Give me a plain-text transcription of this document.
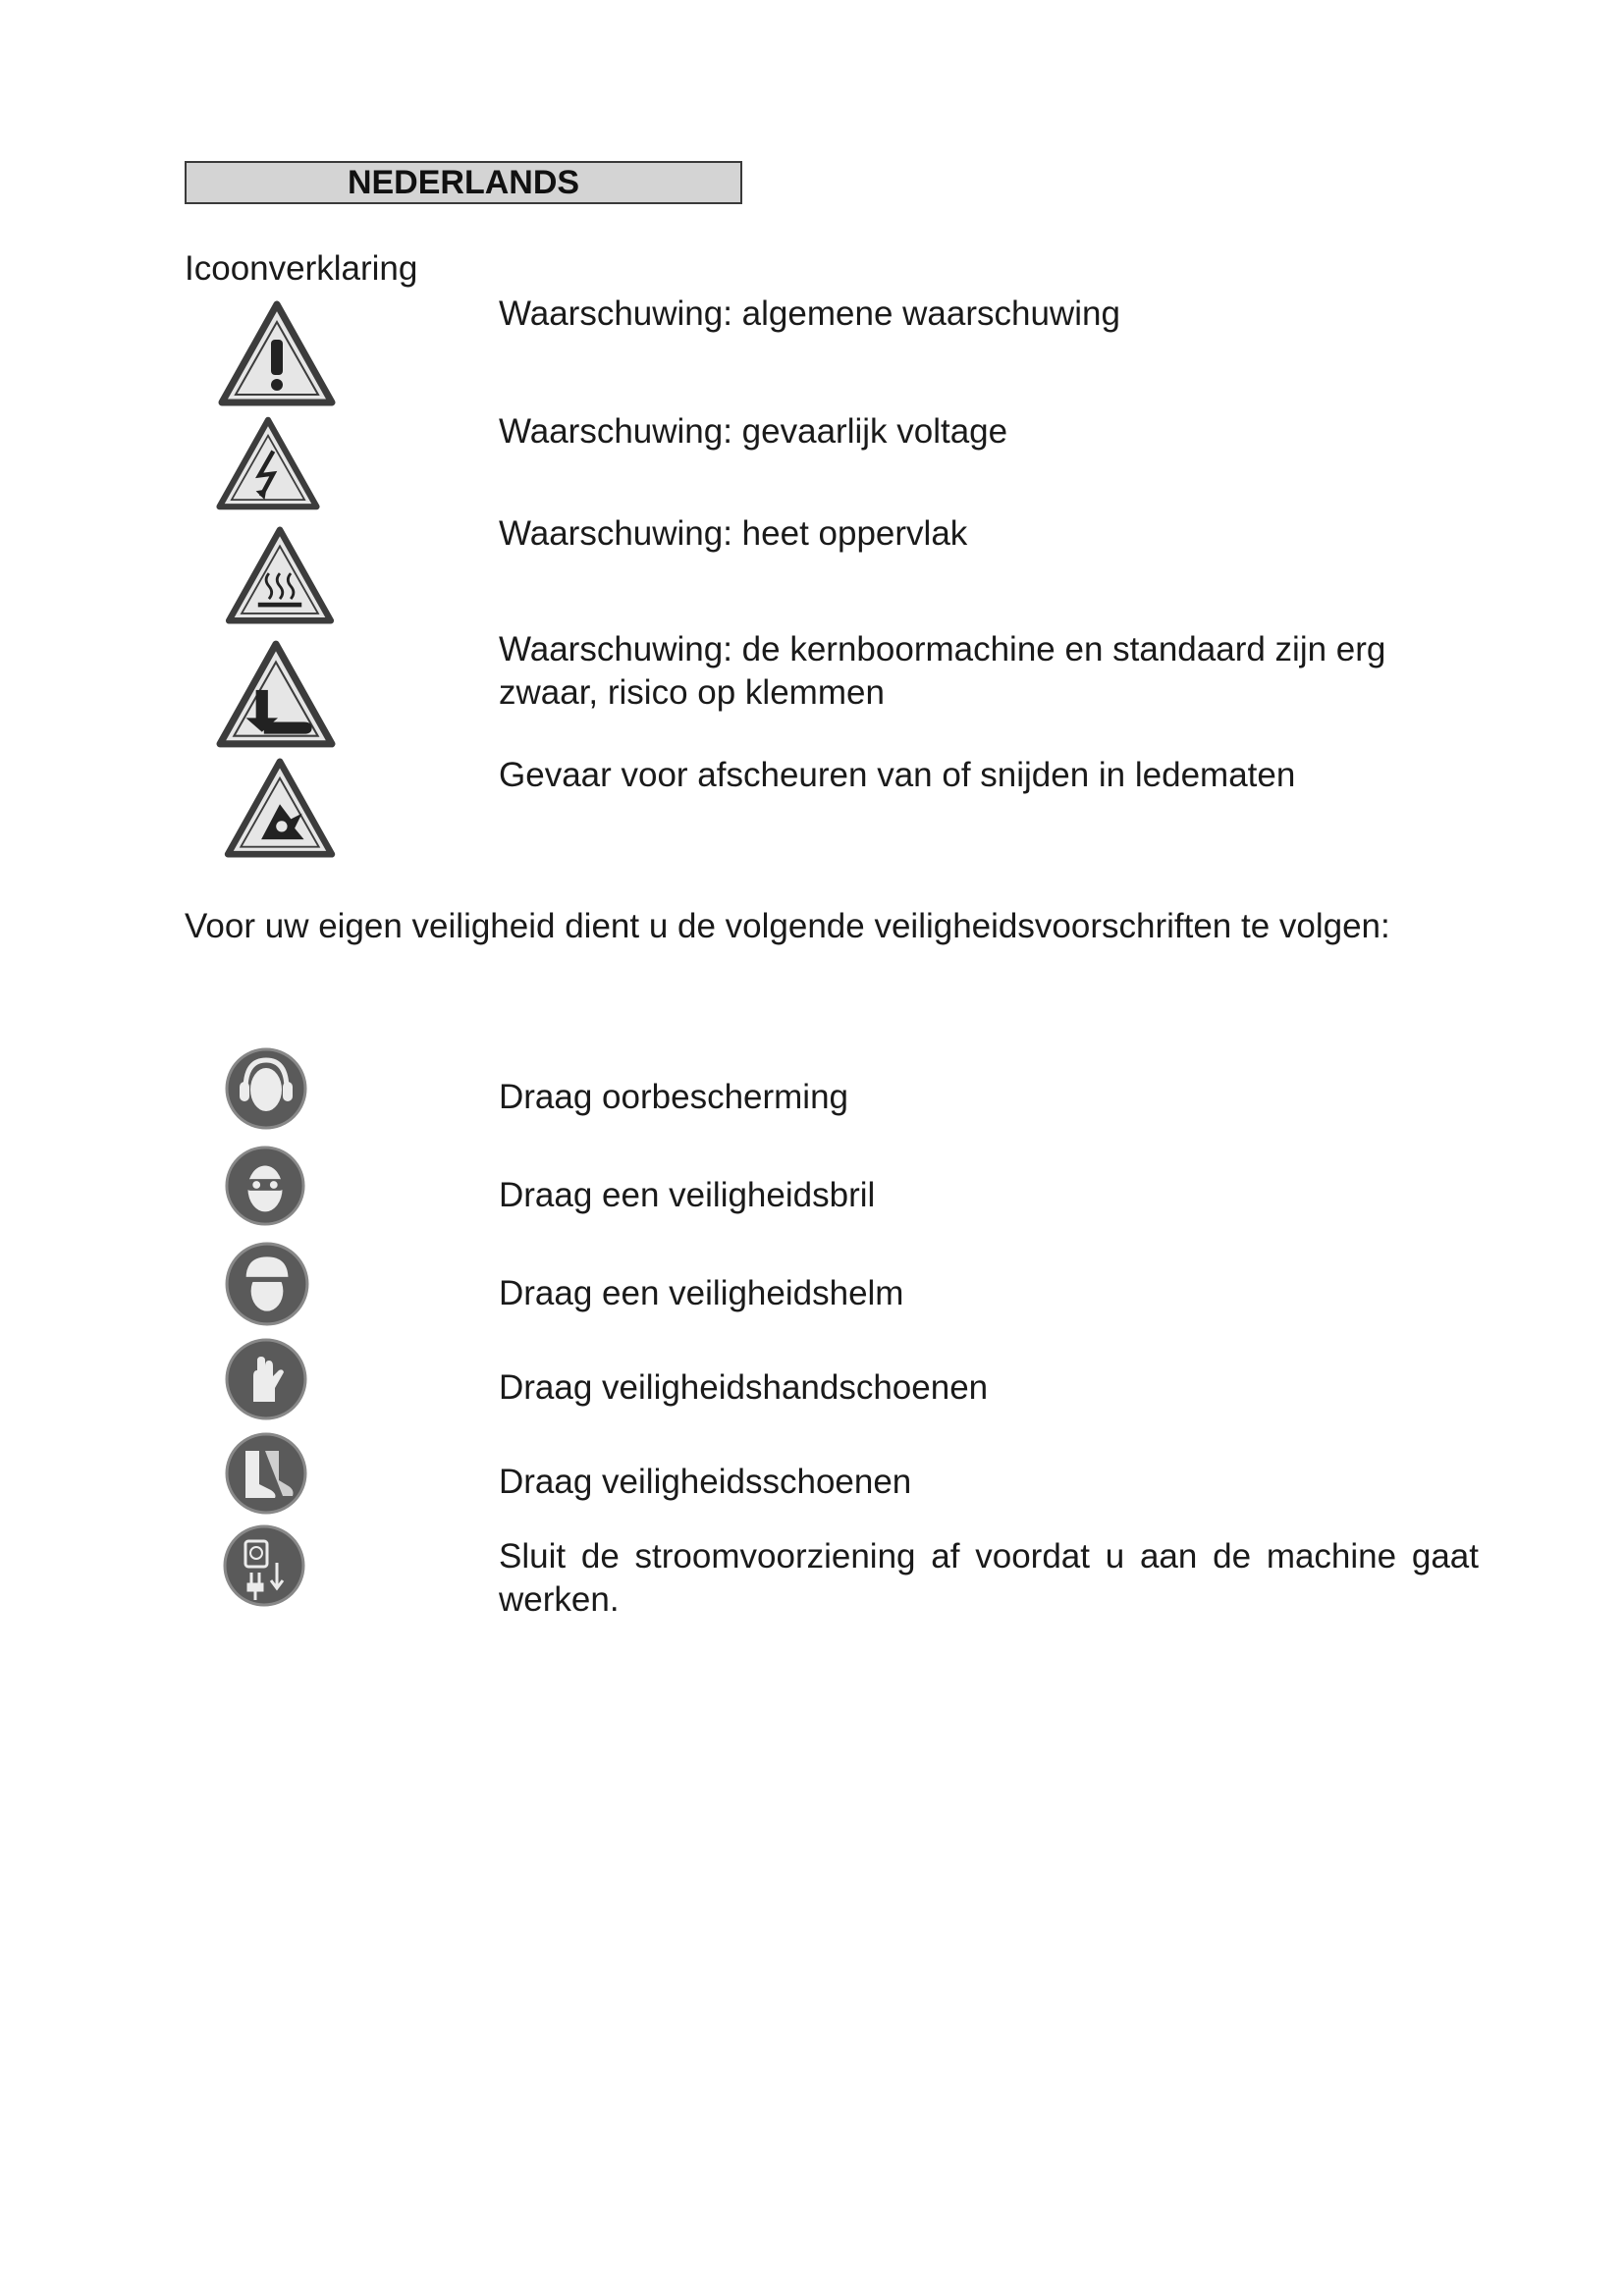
NEDERLANDS
Icoonverklaring
Waarschuwing: algemene waarschuwing
Waarschuwing: gevaarlijk voltage
Waarschuwing: heet oppervlak
Waarschuwing: de kernboormachine en standaard zijn erg zwaar, risico op klemmen
Gevaar voor afscheuren van of snijden in ledematen
Voor uw eigen veiligheid dient u de volgende veiligheidsvoorschriften te volgen:
Draag oorbescherming
Draag een veiligheidsbril
Draag een veiligheidshelm
Draag veiligheidshandschoenen
Draag veiligheidsschoenen
Sluit de stroomvoorziening af voordat u aan de machine gaat werken.
